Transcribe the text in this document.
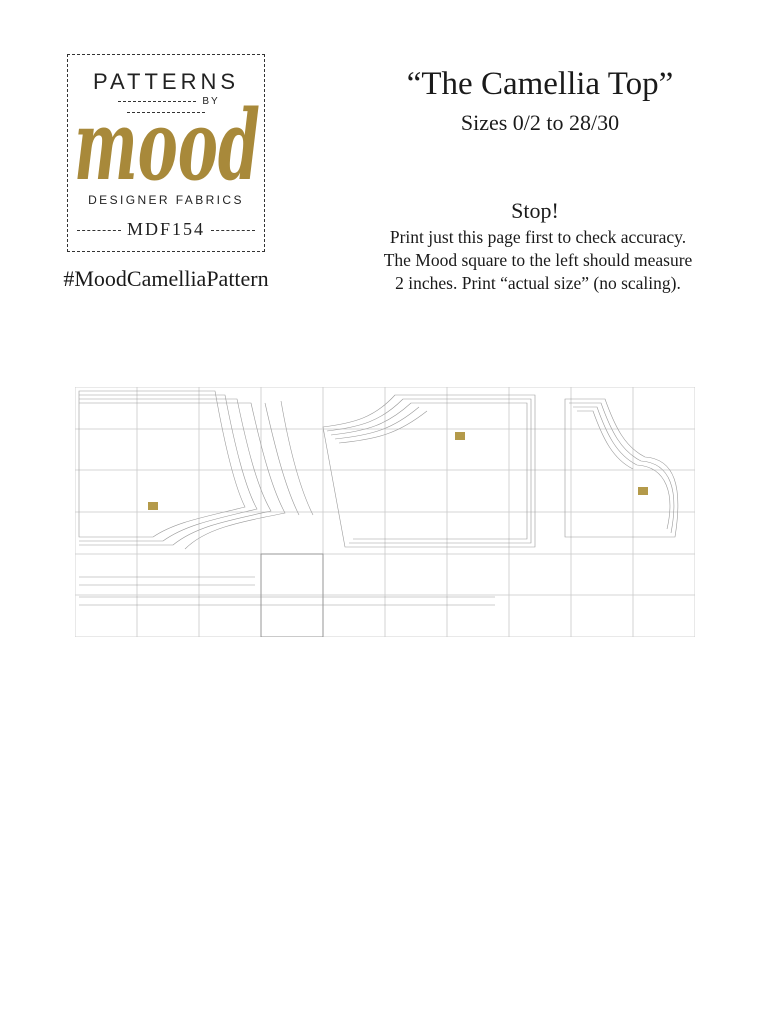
PATTERNS
BY
mood
DESIGNER FABRICS
MDF154
#MoodCamelliaPattern
“The Camellia Top”
Sizes 0/2 to 28/30
Stop!
Print just this page first to check accuracy.
The Mood square to the left should measure
2 inches. Print “actual size” (no scaling).
